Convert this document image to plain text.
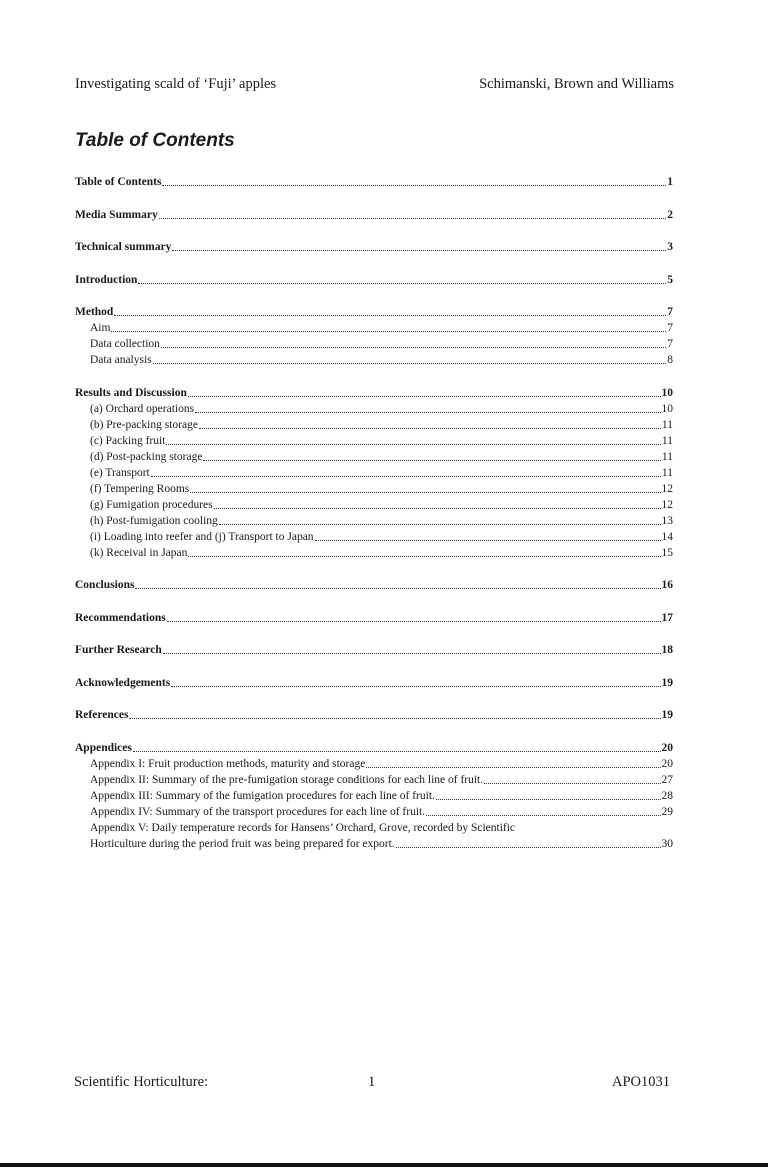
Investigating scald of ‘Fuji’ apples	Schimanski, Brown and Williams
Table of Contents
Table of Contents	1
Media Summary	2
Technical summary	3
Introduction	5
Method	7
Aim	7
Data collection	7
Data analysis	8
Results and Discussion	10
(a) Orchard operations	10
(b) Pre-packing storage	11
(c) Packing fruit	11
(d) Post-packing storage	11
(e) Transport	11
(f) Tempering Rooms	12
(g) Fumigation procedures	12
(h) Post-fumigation cooling	13
(i) Loading into reefer and (j) Transport to Japan	14
(k) Receival in Japan	15
Conclusions	16
Recommendations	17
Further Research	18
Acknowledgements	19
References	19
Appendices	20
Appendix I: Fruit production methods, maturity and storage	20
Appendix II: Summary of the pre-fumigation storage conditions for each line of fruit.	27
Appendix III: Summary of the fumigation procedures for each line of fruit.	28
Appendix IV: Summary of the transport procedures for each line of fruit.	29
Appendix V: Daily temperature records for Hansens’ Orchard, Grove, recorded by Scientific
Horticulture during the period fruit was being prepared for export.	30
Scientific Horticulture:	1	APO1031
